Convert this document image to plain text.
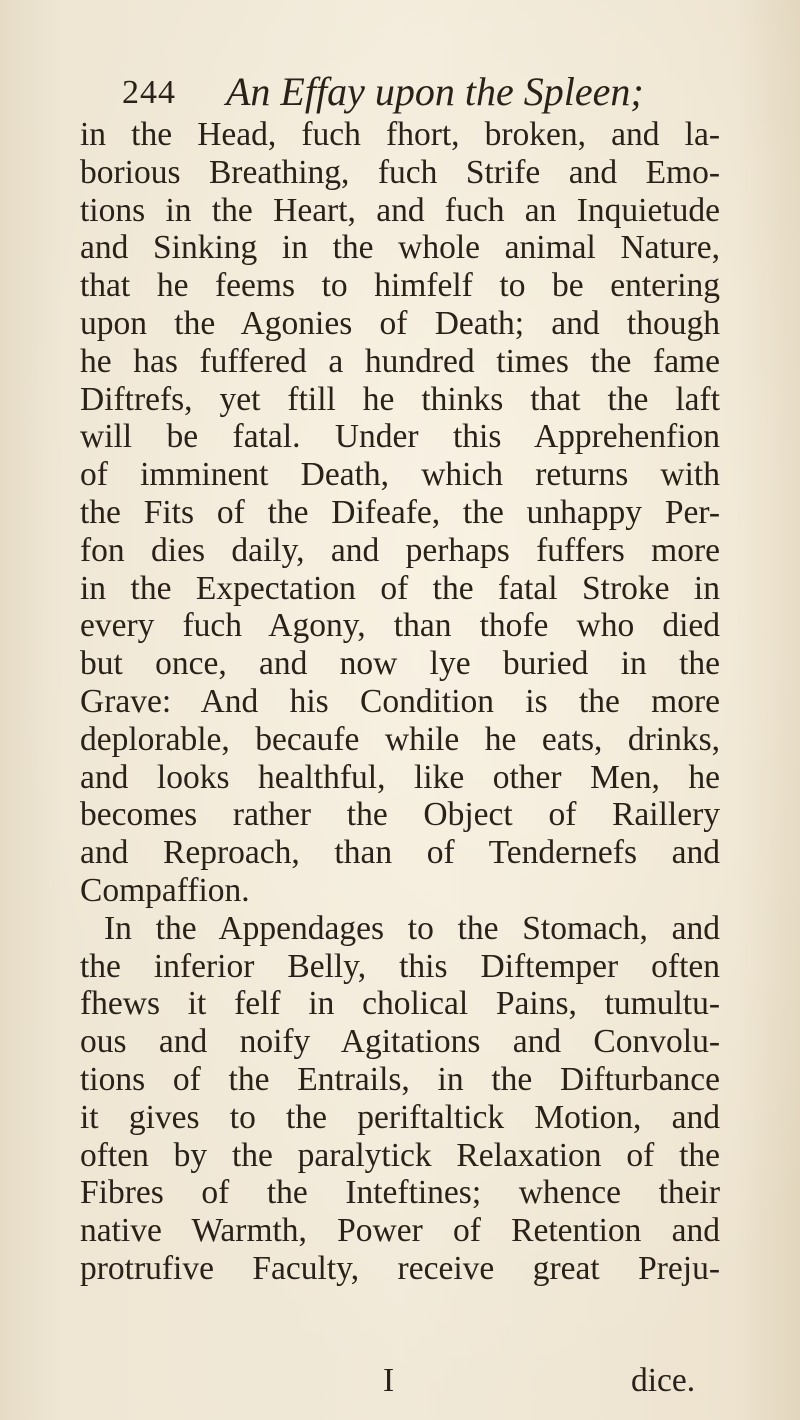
244 An Effay upon the Spleen;
in the Head, fuch fhort, broken, and la-
borious Breathing, fuch Strife and Emo-
tions in the Heart, and fuch an Inquietude
and Sinking in the whole animal Nature,
that he feems to himfelf to be entering
upon the Agonies of Death; and though
he has fuffered a hundred times the fame
Diftrefs, yet ftill he thinks that the laft
will be fatal. Under this Apprehenfion
of imminent Death, which returns with
the Fits of the Difeafe, the unhappy Per-
fon dies daily, and perhaps fuffers more
in the Expectation of the fatal Stroke in
every fuch Agony, than thofe who died
but once, and now lye buried in the
Grave: And his Condition is the more
deplorable, becaufe while he eats, drinks,
and looks healthful, like other Men, he
becomes rather the Object of Raillery
and Reproach, than of Tendernefs and
Compaffion.
In the Appendages to the Stomach, and
the inferior Belly, this Diftemper often
fhews it felf in cholical Pains, tumultu-
ous and noify Agitations and Convolu-
tions of the Entrails, in the Difturbance
it gives to the periftaltick Motion, and
often by the paralytick Relaxation of the
Fibres of the Inteftines; whence their
native Warmth, Power of Retention and
protrufive Faculty, receive great Preju-
I	dice.
